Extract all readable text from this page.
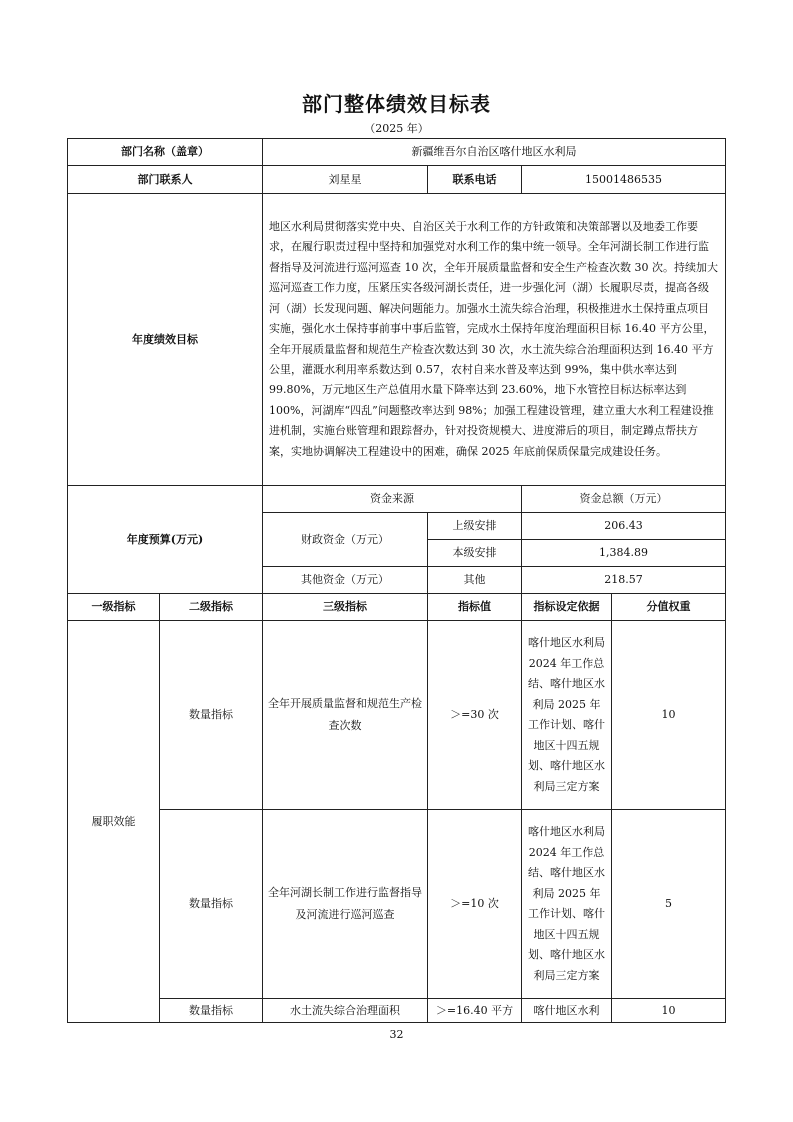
部门整体绩效目标表
（2025 年）
部门名称（盖章）		新疆维吾尔自治区喀什地区水利局			
部门联系人		刘星星	联系电话	15001486535	
年度绩效目标		地区水利局贯彻落实党中央、自治区关于水利工作的方针政策和决策部署以及地委工作要求，在履行职责过程中坚持和加强党对水利工作的集中统一领导。全年河湖长制工作进行监督指导及河流进行巡河巡查 10 次，全年开展质量监督和安全生产检查次数 30 次。持续加大巡河巡查工作力度，压紧压实各级河湖长责任，进一步强化河（湖）长履职尽责，提高各级河（湖）长发现问题、解决问题能力。加强水土流失综合治理，积极推进水土保持重点项目实施，强化水土保持事前事中事后监管，完成水土保持年度治理面积目标 16.40 平方公里，全年开展质量监督和规范生产检查次数达到 30 次，水土流失综合治理面积达到 16.40 平方公里，灌溉水利用率系数达到 0.57，农村自来水普及率达到 99%，集中供水率达到 99.80%，万元地区生产总值用水量下降率达到 23.60%，地下水管控目标达标率达到 100%，河湖库“四乱”问题整改率达到 98%；加强工程建设管理，建立重大水利工程建设推进机制，实施台账管理和跟踪督办，针对投资规模大、进度滞后的项目，制定蹲点帮扶方案，实地协调解决工程建设中的困难，确保 2025 年底前保质保量完成建设任务。			
年度预算(万元)		资金来源		资金总额（万元）	
		财政资金（万元）	上级安排	206.43	
			本级安排	1,384.89	
		其他资金（万元）	其他	218.57	
一级指标	二级指标	三级指标	指标值	指标设定依据	分值权重
履职效能	数量指标	全年开展质量监督和规范生产检查次数	＞=30 次	喀什地区水利局 2024 年工作总结、喀什地区水利局 2025 年工作计划、喀什地区十四五规划、喀什地区水利局三定方案	10
	数量指标	全年河湖长制工作进行监督指导及河流进行巡河巡查	＞=10 次	喀什地区水利局 2024 年工作总结、喀什地区水利局 2025 年工作计划、喀什地区十四五规划、喀什地区水利局三定方案	5
	数量指标	水土流失综合治理面积	＞=16.40 平方	喀什地区水利	10
32
